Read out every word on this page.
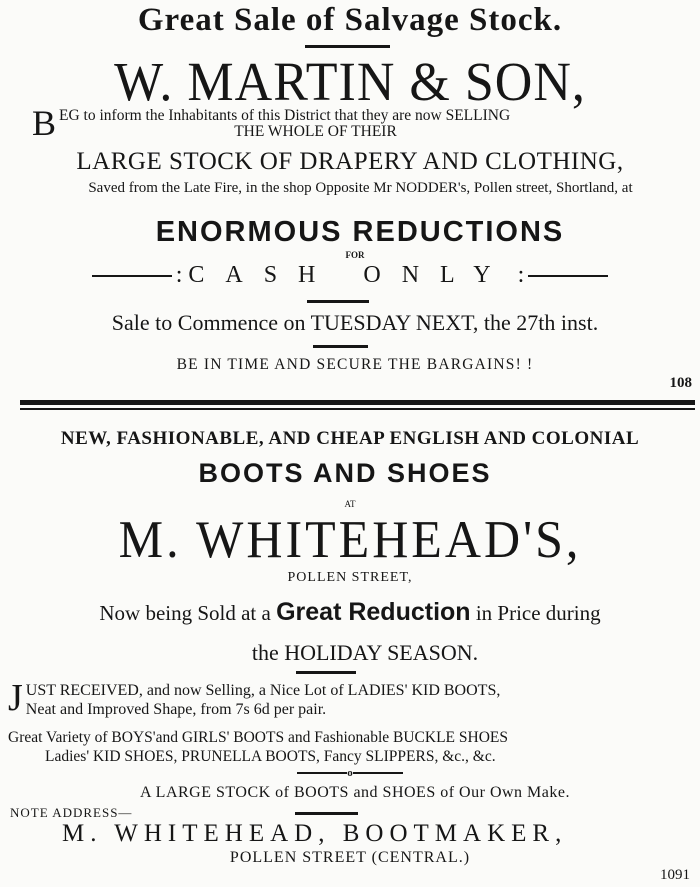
Great Sale of Salvage Stock.
W. MARTIN & SON,
B EG to inform the Inhabitants of this District that they are now SELLING
THE WHOLE OF THEIR
LARGE STOCK OF DRAPERY AND CLOTHING,
Saved from the Late Fire, in the shop Opposite Mr NODDER's, Pollen street, Shortland, at
ENORMOUS REDUCTIONS
FOR
: CASH ONLY :
Sale to Commence on TUESDAY NEXT, the 27th inst.
BE IN TIME AND SECURE THE BARGAINS! !
108
NEW, FASHIONABLE, AND CHEAP ENGLISH AND COLONIAL
BOOTS AND SHOES
AT
M. WHITEHEAD'S,
POLLEN STREET,
Now being Sold at a Great Reduction in Price during
the HOLIDAY SEASON.
J UST RECEIVED, and now Selling, a Nice Lot of LADIES' KID BOOTS,
Neat and Improved Shape, from 7s 6d per pair.
Great Variety of BOYS'and GIRLS' BOOTS and Fashionable BUCKLE SHOES
Ladies' KID SHOES, PRUNELLA BOOTS, Fancy SLIPPERS, &c., &c.
o
A LARGE STOCK of BOOTS and SHOES of Our Own Make.
NOTE ADDRESS—
M. WHITEHEAD, BOOTMAKER,
POLLEN STREET (CENTRAL.)
1091
